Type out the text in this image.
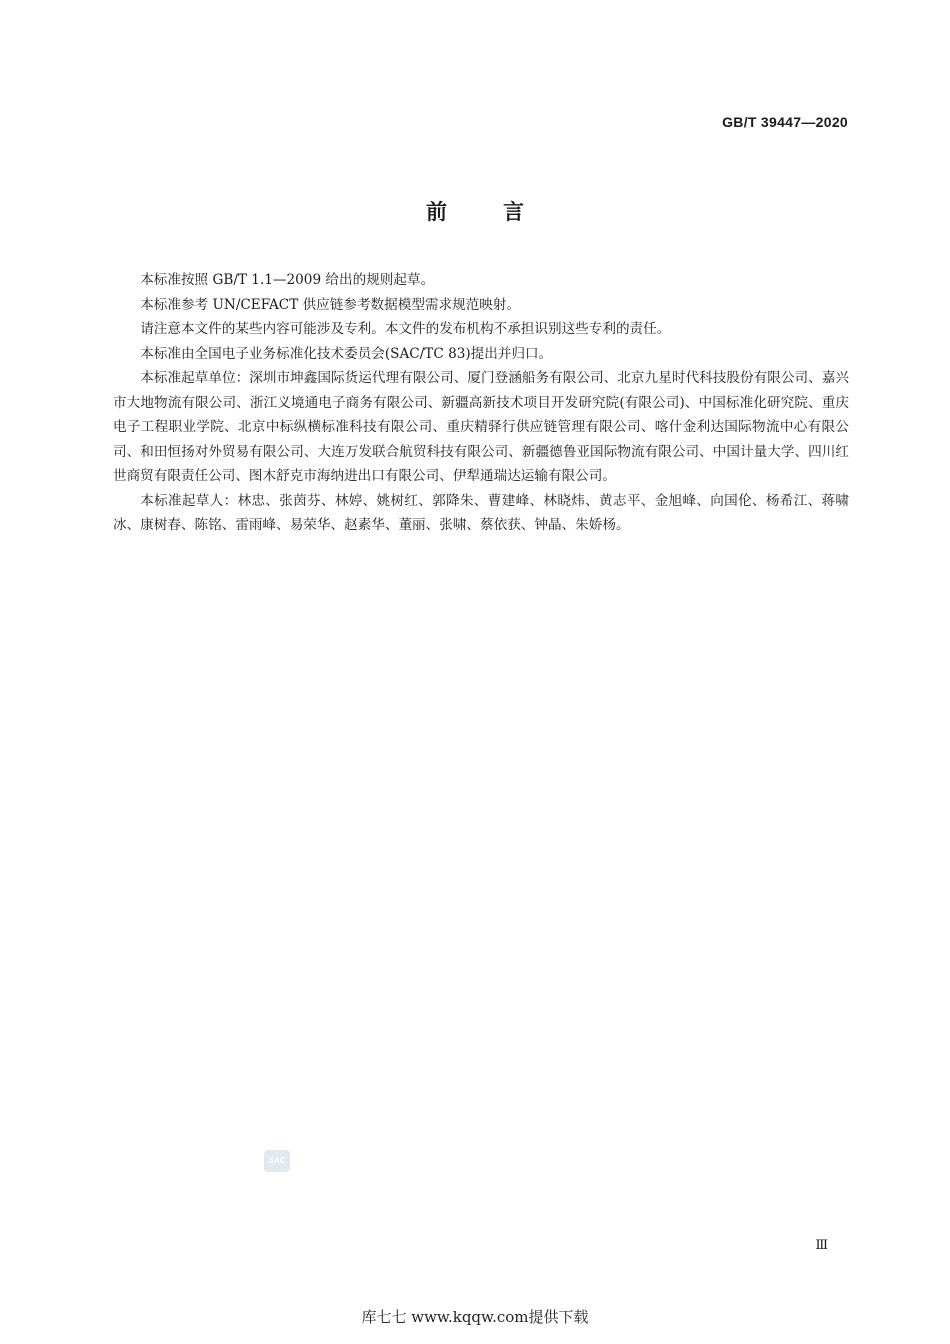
GB/T 39447—2020
前言

本标准按照 GB/T 1.1—2009 给出的规则起草。

本标准参考 UN/CEFACT 供应链参考数据模型需求规范映射。

请注意本文件的某些内容可能涉及专利。本文件的发布机构不承担识别这些专利的责任。

本标准由全国电子业务标准化技术委员会(SAC/TC 83)提出并归口。

本标准起草单位：深圳市坤鑫国际货运代理有限公司、厦门登涵船务有限公司、北京九星时代科技股份有限公司、嘉兴市大地物流有限公司、浙江义境通电子商务有限公司、新疆高新技术项目开发研究院(有限公司)、中国标准化研究院、重庆电子工程职业学院、北京中标纵横标准科技有限公司、重庆精驿行供应链管理有限公司、喀什金利达国际物流中心有限公司、和田恒扬对外贸易有限公司、大连万发联合航贸科技有限公司、新疆德鲁亚国际物流有限公司、中国计量大学、四川红世商贸有限责任公司、图木舒克市海纳进出口有限公司、伊犁通瑞达运输有限公司。

本标准起草人：林忠、张茵芬、林婷、姚树红、郭降朱、曹建峰、林晓炜、黄志平、金旭峰、向国伦、杨希江、蒋啸冰、康树春、陈铭、雷雨峰、易荣华、赵素华、董丽、张啸、蔡依获、钟晶、朱娇杨。

SAC
Ⅲ
库七七 www.kqqw.com提供下载
